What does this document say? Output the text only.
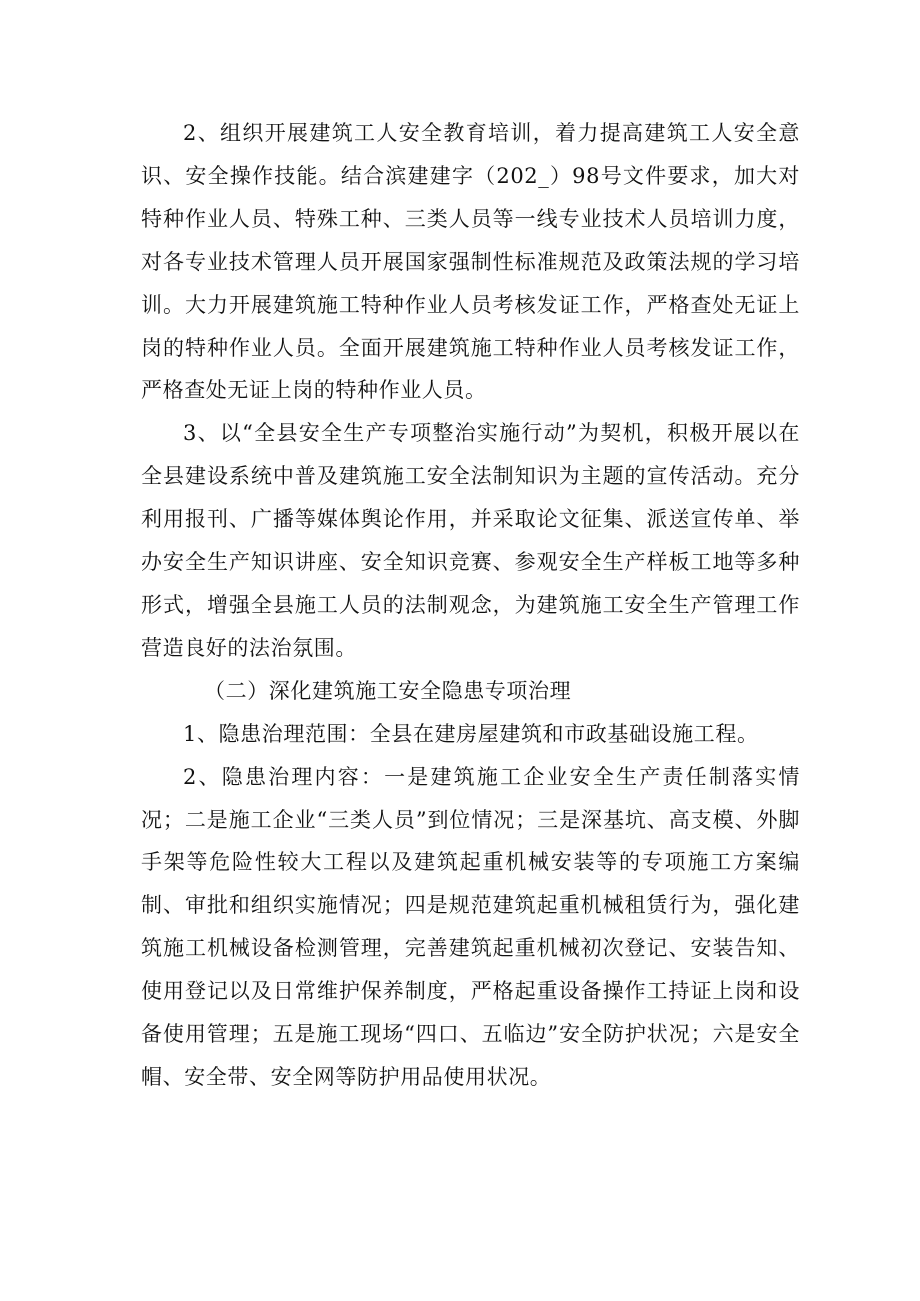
2、组织开展建筑工人安全教育培训，着力提高建筑工人安全意识、安全操作技能。结合滨建建字（202_）98号文件要求，加大对特种作业人员、特殊工种、三类人员等一线专业技术人员培训力度，对各专业技术管理人员开展国家强制性标准规范及政策法规的学习培训。大力开展建筑施工特种作业人员考核发证工作，严格查处无证上岗的特种作业人员。全面开展建筑施工特种作业人员考核发证工作，严格查处无证上岗的特种作业人员。

3、以“全县安全生产专项整治实施行动”为契机，积极开展以在全县建设系统中普及建筑施工安全法制知识为主题的宣传活动。充分利用报刊、广播等媒体舆论作用，并采取论文征集、派送宣传单、举办安全生产知识讲座、安全知识竞赛、参观安全生产样板工地等多种形式，增强全县施工人员的法制观念，为建筑施工安全生产管理工作营造良好的法治氛围。

（二）深化建筑施工安全隐患专项治理

1、隐患治理范围：全县在建房屋建筑和市政基础设施工程。

2、隐患治理内容：一是建筑施工企业安全生产责任制落实情况；二是施工企业“三类人员”到位情况；三是深基坑、高支模、外脚手架等危险性较大工程以及建筑起重机械安装等的专项施工方案编制、审批和组织实施情况；四是规范建筑起重机械租赁行为，强化建筑施工机械设备检测管理，完善建筑起重机械初次登记、安装告知、使用登记以及日常维护保养制度，严格起重设备操作工持证上岗和设备使用管理；五是施工现场“四口、五临边”安全防护状况；六是安全帽、安全带、安全网等防护用品使用状况。
